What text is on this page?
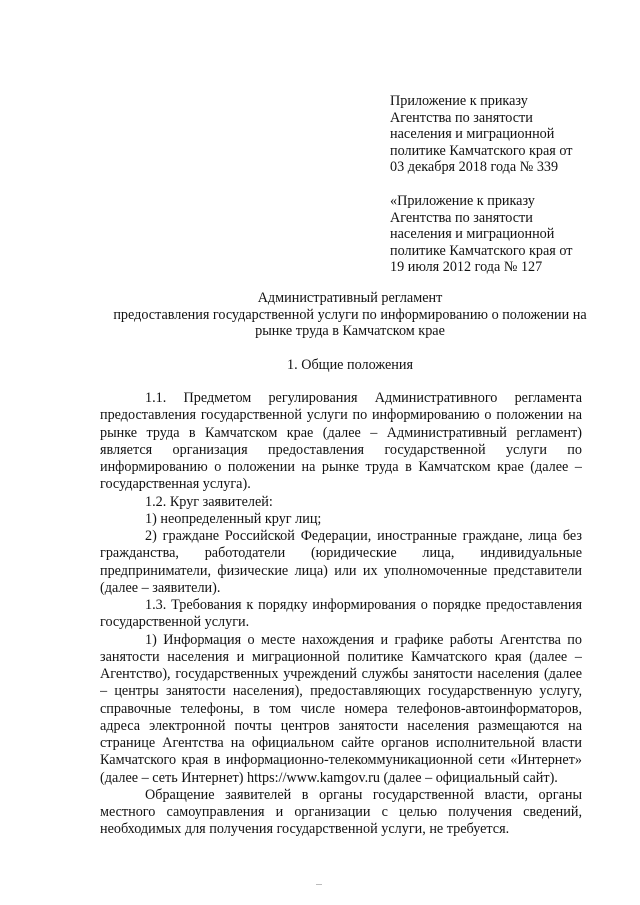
Приложение к приказу
Агентства по занятости
населения и миграционной
политике Камчатского края от
03 декабря 2018 года № 339
«Приложение к приказу
Агентства по занятости
населения и миграционной
политике Камчатского края от
19 июля 2012 года № 127
Административный регламент
предоставления государственной услуги по информированию о положении на
рынке труда в Камчатском крае
1. Общие положения

1.1. Предметом регулирования Административного регламента
предоставления государственной услуги по информированию о положении на
рынке труда в Камчатском крае (далее – Административный регламент)
является организация предоставления государственной услуги по
информированию о положении на рынке труда в Камчатском крае (далее –
государственная услуга).

1.2. Круг заявителей:

1) неопределенный круг лиц;

2) граждане Российской Федерации, иностранные граждане, лица без
гражданства, работодатели (юридические лица, индивидуальные
предприниматели, физические лица) или их уполномоченные представители
(далее – заявители).

1.3. Требования к порядку информирования о порядке предоставления
государственной услуги.

1) Информация о месте нахождения и графике работы Агентства по
занятости населения и миграционной политике Камчатского края (далее –
Агентство), государственных учреждений службы занятости населения (далее
– центры занятости населения), предоставляющих государственную услугу,
справочные телефоны, в том числе номера телефонов-автоинформаторов,
адреса электронной почты центров занятости населения размещаются на
странице Агентства на официальном сайте органов исполнительной власти
Камчатского края в информационно-телекоммуникационной сети «Интернет»
(далее – сеть Интернет) https://www.kamgov.ru (далее – официальный сайт).

Обращение заявителей в органы государственной власти, органы
местного самоуправления и организации с целью получения сведений,
необходимых для получения государственной услуги, не требуется.
